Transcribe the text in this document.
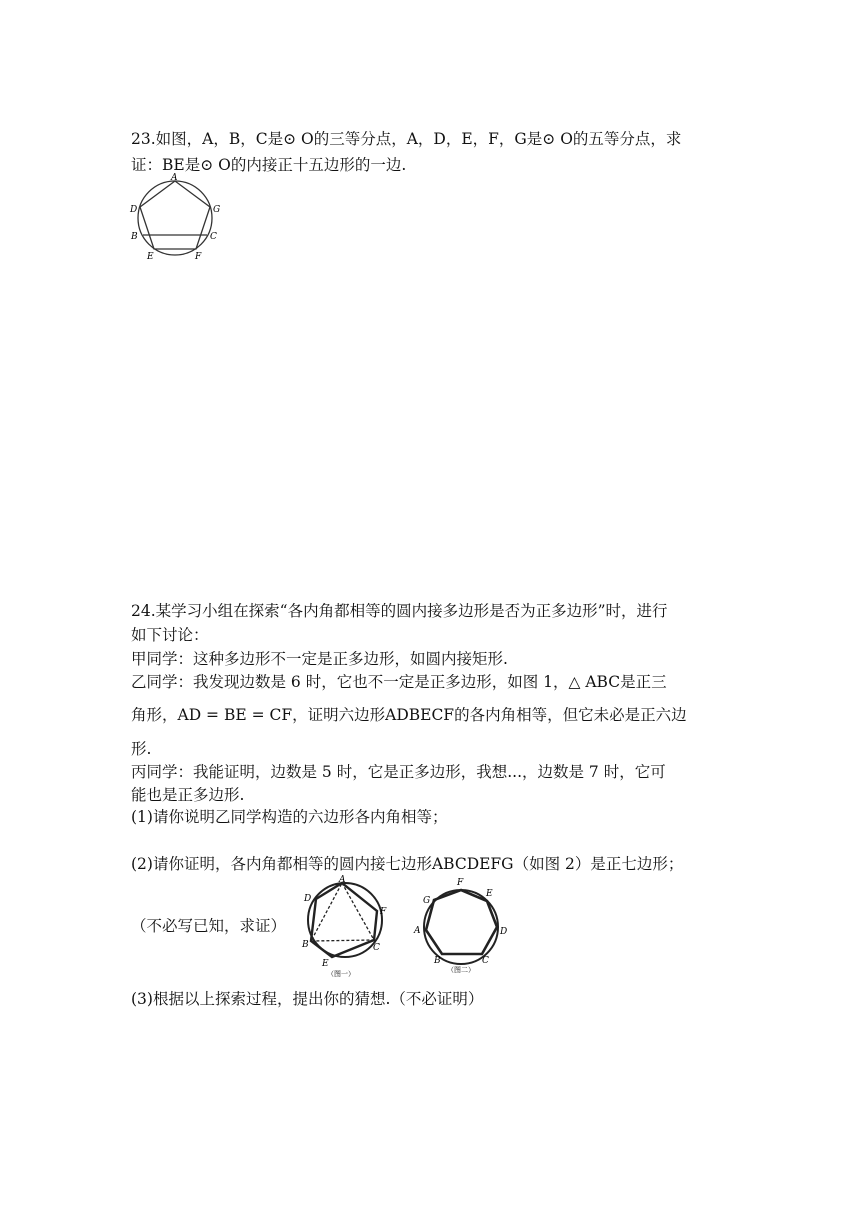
23.如图，A，B，C是⊙ O的三等分点，A，D，E，F，G是⊙ O的五等分点，求
证：BE是⊙ O的内接正十五边形的一边.
A
D	G
B	C
E	F
24.某学习小组在探索“各内角都相等的圆内接多边形是否为正多边形”时，进行
如下讨论：
甲同学：这种多边形不一定是正多边形，如圆内接矩形.
乙同学：我发现边数是 6 时，它也不一定是正多边形，如图 1，△ ABC是正三
角形，AD = BE = CF，证明六边形ADBECF的各内角相等，但它未必是正六边
形.
丙同学：我能证明，边数是 5 时，它是正多边形，我想...，边数是 7 时，它可
能也是正多边形.
(1)请你说明乙同学构造的六边形各内角相等；
(2)请你证明，各内角都相等的圆内接七边形ABCDEFG（如图 2）是正七边形；
（不必写已知，求证）
(3)根据以上探索过程，提出你的猜想.（不必证明）
A
D
F
B	C
E
（图一）
F
E
G
A	D
B	C
（图二）
